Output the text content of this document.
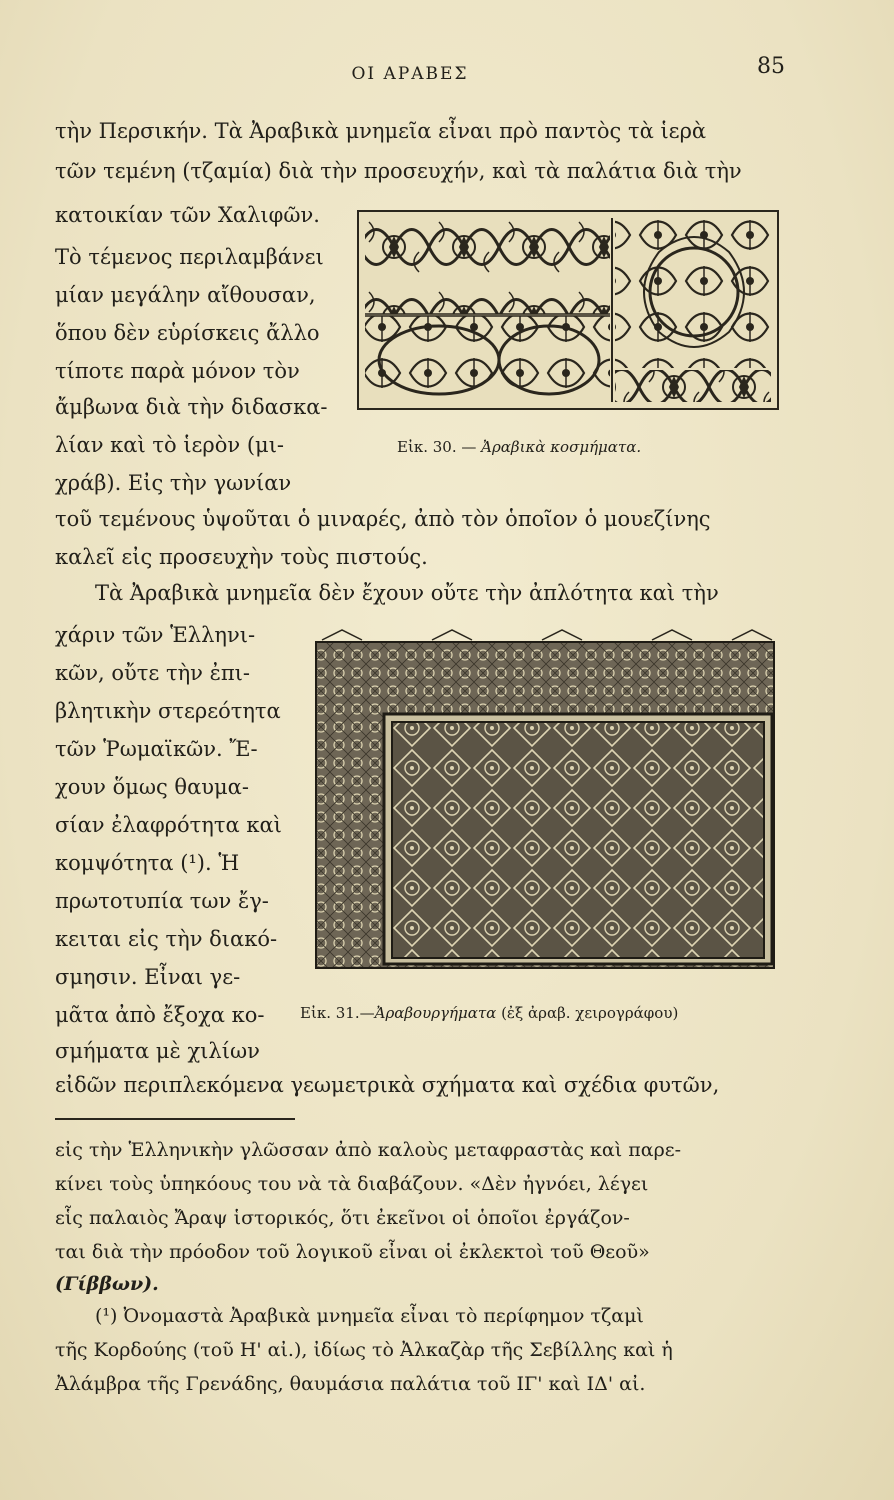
ΟΙ ΑΡΑΒΕΣ	85
τὴν Περσικήν. Τὰ Ἀραβικὰ μνημεῖα εἶναι πρὸ παντὸς τὰ ἱερὰ
τῶν τεμένη (τζαμία) διὰ τὴν προσευχήν, καὶ τὰ παλάτια διὰ τὴν
κατοικίαν τῶν Χαλιφῶν.
Τὸ τέμενος περιλαμβάνει
μίαν μεγάλην αἴθουσαν,
ὅπου δὲν εὑρίσκεις ἄλλο
τίποτε παρὰ μόνον τὸν
ἄμβωνα διὰ τὴν διδασκα-
λίαν καὶ τὸ ἱερὸν (μι-
χράβ). Εἰς τὴν γωνίαν
Εἰκ. 30. — Ἀραβικὰ κοσμήματα.
τοῦ τεμένους ὑψοῦται ὁ μιναρές, ἀπὸ τὸν ὁποῖον ὁ μουεζίνης
καλεῖ εἰς προσευχὴν τοὺς πιστούς.
Τὰ Ἀραβικὰ μνημεῖα δὲν ἔχουν οὔτε τὴν ἀπλότητα καὶ τὴν
χάριν τῶν Ἑλληνι-
κῶν, οὔτε τὴν ἐπι-
βλητικὴν στερεότητα
τῶν Ῥωμαϊκῶν. Ἔ-
χουν ὅμως θαυμα-
σίαν ἐλαφρότητα καὶ
κομψότητα (¹). Ἡ
πρωτοτυπία των ἔγ-
κειται εἰς τὴν διακό-
σμησιν. Εἶναι γε-
μᾶτα ἀπὸ ἔξοχα κο-
σμήματα μὲ χιλίων
Εἰκ. 31.—Ἀραβουργήματα (ἐξ ἀραβ. χειρογράφου)
εἰδῶν περιπλεκόμενα γεωμετρικὰ σχήματα καὶ σχέδια φυτῶν,
εἰς τὴν Ἑλληνικὴν γλῶσσαν ἀπὸ καλοὺς μεταφραστὰς καὶ παρε-
κίνει τοὺς ὑπηκόους του νὰ τὰ διαβάζουν. «Δὲν ἠγνόει, λέγει
εἷς παλαιὸς Ἄραψ ἱστορικός, ὅτι ἐκεῖνοι οἱ ὁποῖοι ἐργάζον-
ται διὰ τὴν πρόοδον τοῦ λογικοῦ εἶναι οἱ ἐκλεκτοὶ τοῦ Θεοῦ»
(Γίββων).
(¹) Ὀνομαστὰ Ἀραβικὰ μνημεῖα εἶναι τὸ περίφημον τζαμὶ
τῆς Κορδούης (τοῦ Η' αἰ.), ἰδίως τὸ Ἀλκαζὰρ τῆς Σεβίλλης καὶ ἡ
Ἀλάμβρα τῆς Γρενάδης, θαυμάσια παλάτια τοῦ ΙΓ' καὶ ΙΔ' αἰ.
